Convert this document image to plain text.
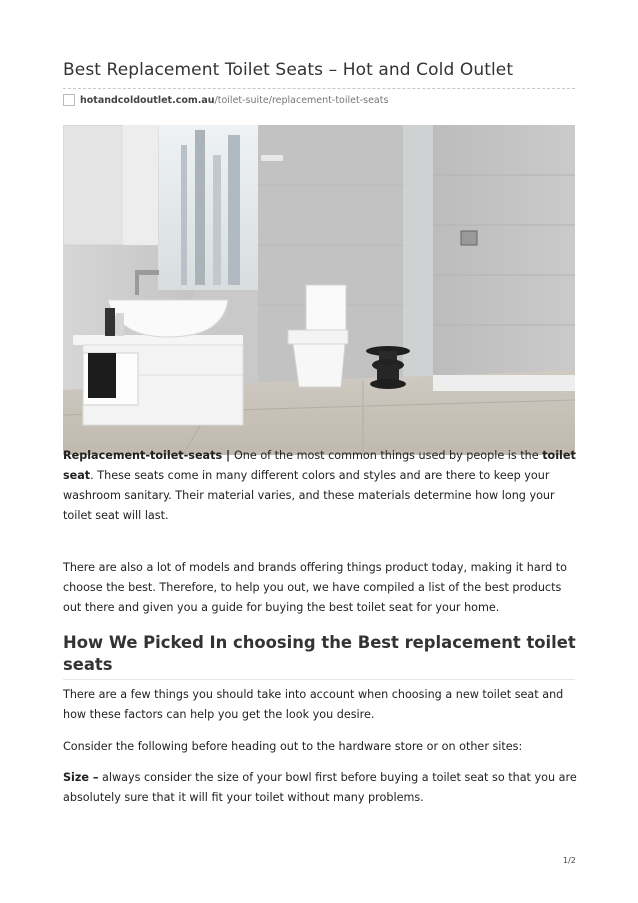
Best Replacement Toilet Seats – Hot and Cold Outlet
hotandcoldoutlet.com.au /toilet-suite/replacement-toilet-seats
Replacement-toilet-seats | One of the most common things used by people is the toilet seat. These seats come in many different colors and styles and are there to keep your washroom sanitary. Their material varies, and these materials determine how long your toilet seat will last.
There are also a lot of models and brands offering things product today, making it hard to choose the best. Therefore, to help you out, we have compiled a list of the best products out there and given you a guide for buying the best toilet seat for your home.
How We Picked In choosing the Best replacement toilet seats
There are a few things you should take into account when choosing a new toilet seat and how these factors can help you get the look you desire.
Consider the following before heading out to the hardware store or on other sites:
Size – always consider the size of your bowl first before buying a toilet seat so that you are absolutely sure that it will fit your toilet without many problems.
1/2
